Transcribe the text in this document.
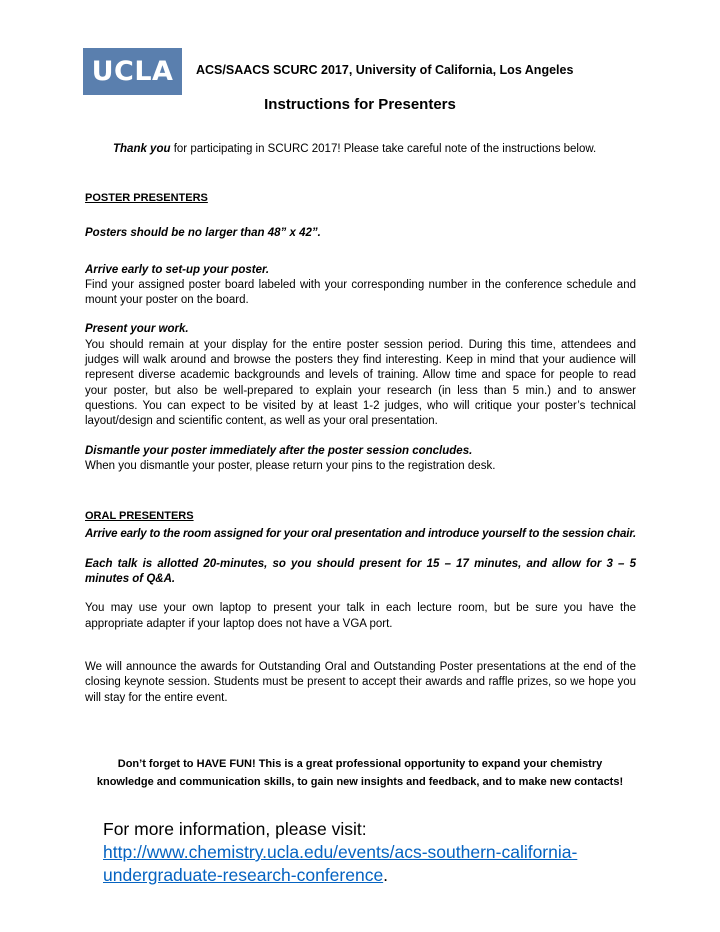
UCLA ACS/SAACS SCURC 2017, University of California, Los Angeles
Instructions for Presenters
Thank you for participating in SCURC 2017! Please take careful note of the instructions below.
POSTER PRESENTERS

Posters should be no larger than 48” x 42”.

Arrive early to set-up your poster.

Find your assigned poster board labeled with your corresponding number in the conference schedule and mount your poster on the board.

Present your work.

You should remain at your display for the entire poster session period. During this time, attendees and judges will walk around and browse the posters they find interesting. Keep in mind that your audience will represent diverse academic backgrounds and levels of training. Allow time and space for people to read your poster, but also be well-prepared to explain your research (in less than 5 min.) and to answer questions. You can expect to be visited by at least 1-2 judges, who will critique your poster’s technical layout/design and scientific content, as well as your oral presentation.

Dismantle your poster immediately after the poster session concludes.

When you dismantle your poster, please return your pins to the registration desk.

ORAL PRESENTERS

Arrive early to the room assigned for your oral presentation and introduce yourself to the session chair.

Each talk is allotted 20-minutes, so you should present for 15 – 17 minutes, and allow for 3 – 5 minutes of Q&A.

You may use your own laptop to present your talk in each lecture room, but be sure you have the appropriate adapter if your laptop does not have a VGA port.

We will announce the awards for Outstanding Oral and Outstanding Poster presentations at the end of the closing keynote session. Students must be present to accept their awards and raffle prizes, so we hope you will stay for the entire event.

Don’t forget to HAVE FUN! This is a great professional opportunity to expand your chemistry
knowledge and communication skills, to gain new insights and feedback, and to make new contacts!
For more information, please visit: http://www.chemistry.ucla.edu/events/acs-southern-california-undergraduate-research-conference.
